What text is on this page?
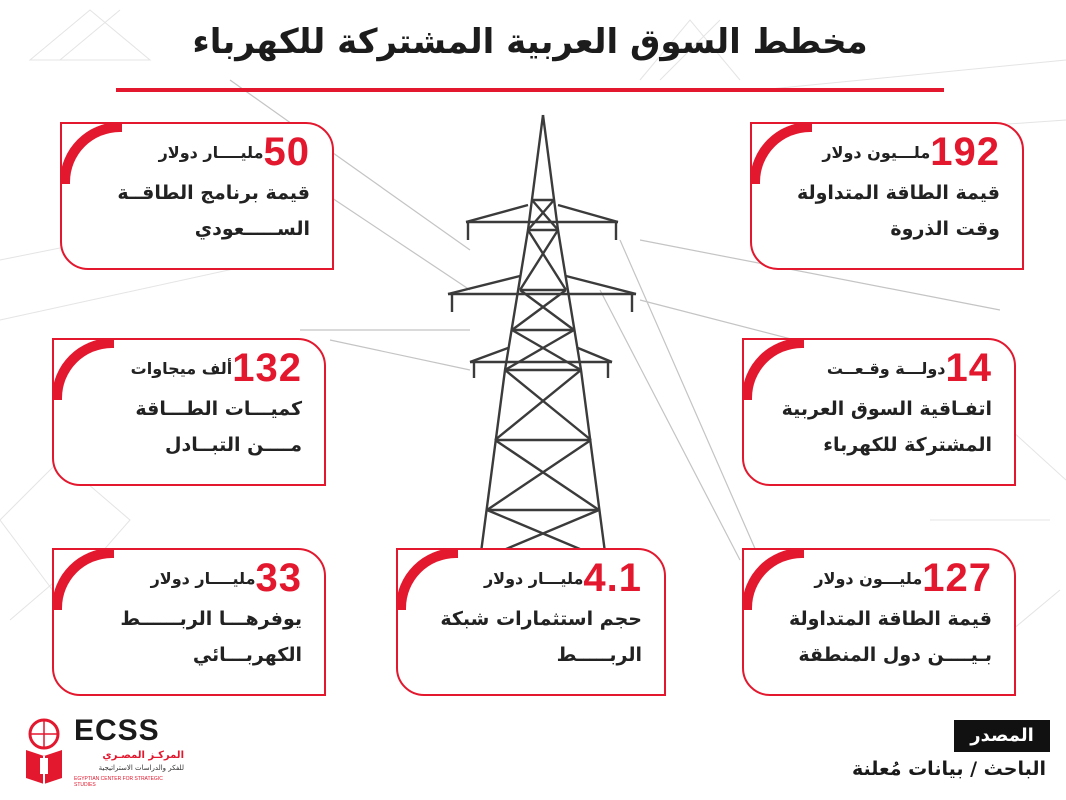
مخطط السوق العربية المشتركة للكهرباء
192ملـــيون دولار
قيمة الطاقة المتداولة
وقت الذروة
50مليــــار دولار
قيمة برنامج الطاقــة
الســـــعودي
14دولـــة وقـعــت
اتفـاقية السوق العربية
المشتركة للكهرباء
132ألف ميجاوات
كميـــات الطـــاقة
مــــن التبــادل
127مليـــون دولار
قيمة الطاقة المتداولة
بـيــــن دول المنطقة
4.1مليـــار دولار
حجم استثمارات شبكة
الربـــــط
33مليــــار دولار
يوفرهـــا الربــــــط
الكهربـــائي
ECSS
المركـز المصـري
للفكر والدراسات الاستراتيجية
EGYPTIAN CENTER FOR STRATEGIC STUDIES
المصدر
الباحث / بيانات مُعلنة
